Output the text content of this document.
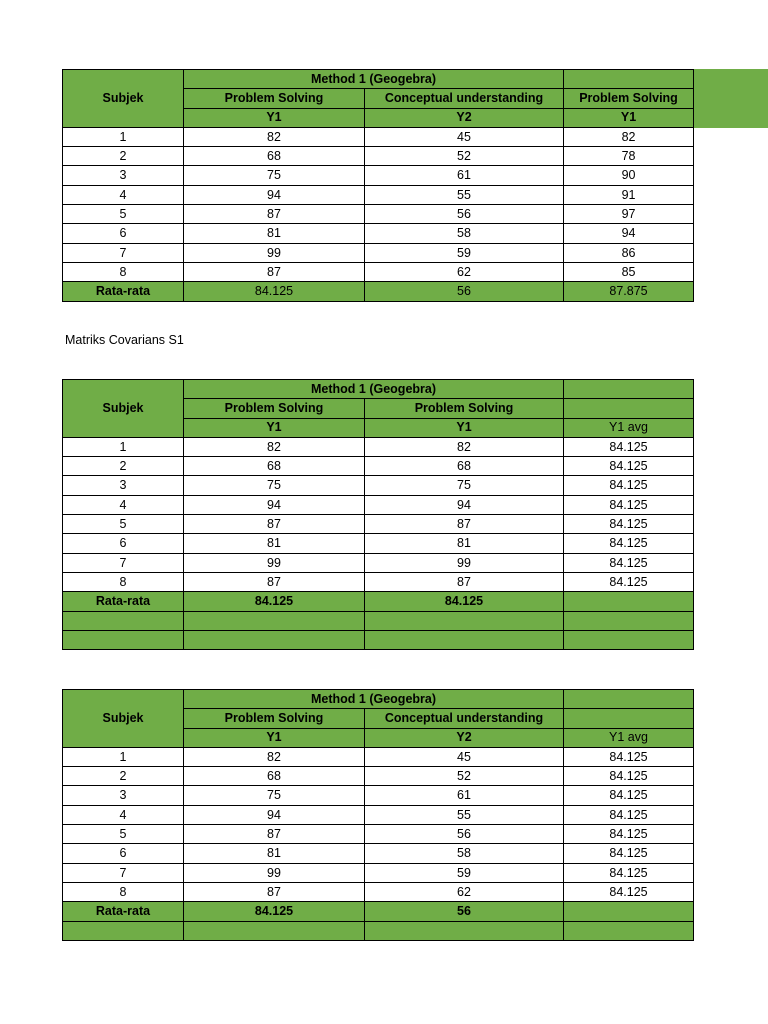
Matriks Covarians S1
Subjek	Method 1 (Geogebra)		
	Problem Solving	Conceptual understanding	Problem Solving
	Y1	Y2	Y1
1	82	45	82
2	68	52	78
3	75	61	90
4	94	55	91
5	87	56	97
6	81	58	94
7	99	59	86
8	87	62	85
Rata-rata	84.125	56	87.875
Subjek	Method 1 (Geogebra)		
	Problem Solving	Problem Solving	
	Y1	Y1	Y1 avg
1	82	82	84.125
2	68	68	84.125
3	75	75	84.125
4	94	94	84.125
5	87	87	84.125
6	81	81	84.125
7	99	99	84.125
8	87	87	84.125
Rata-rata	84.125	84.125	

Subjek	Method 1 (Geogebra)		
	Problem Solving	Conceptual understanding	
	Y1	Y2	Y1 avg
1	82	45	84.125
2	68	52	84.125
3	75	61	84.125
4	94	55	84.125
5	87	56	84.125
6	81	58	84.125
7	99	59	84.125
8	87	62	84.125
Rata-rata	84.125	56	
